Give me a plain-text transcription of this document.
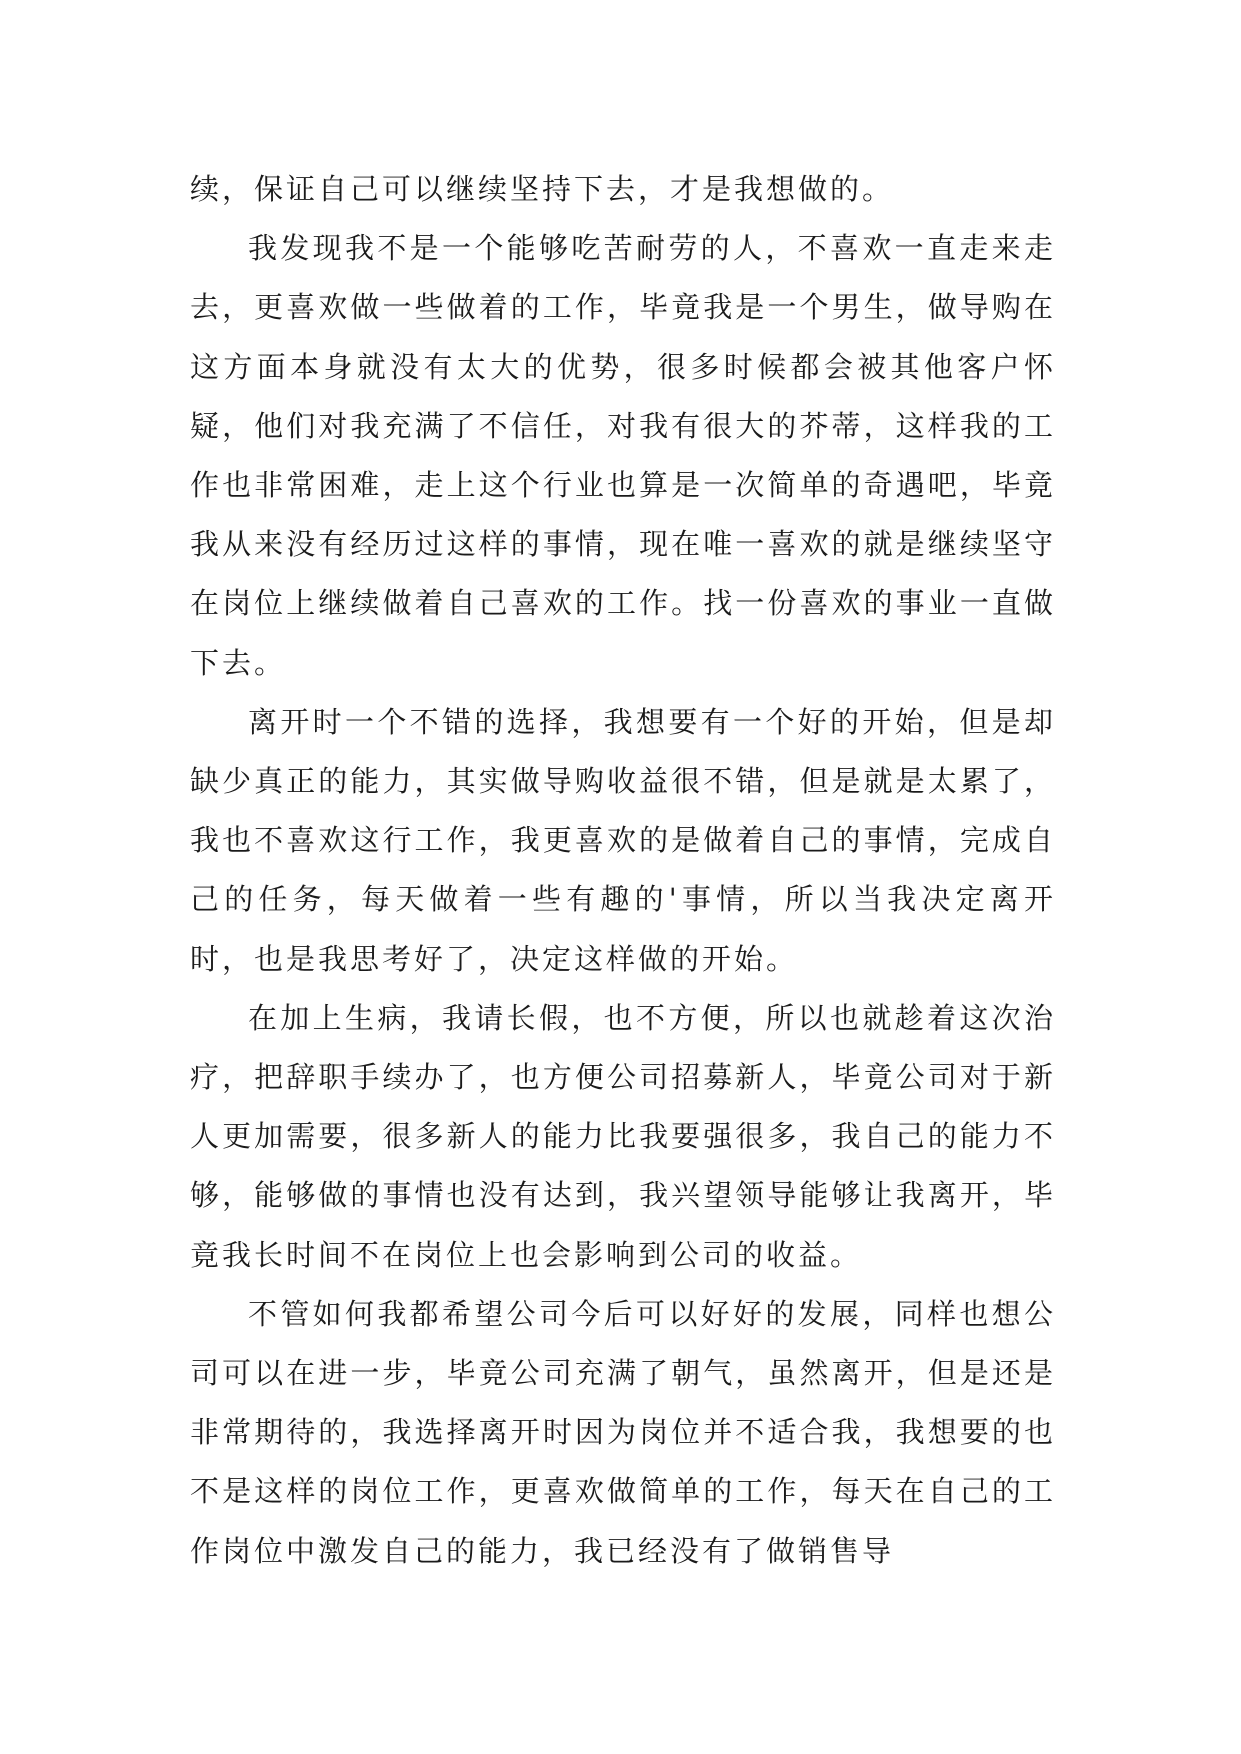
续，保证自己可以继续坚持下去，才是我想做的。

我发现我不是一个能够吃苦耐劳的人，不喜欢一直走来走去，更喜欢做一些做着的工作，毕竟我是一个男生，做导购在这方面本身就没有太大的优势，很多时候都会被其他客户怀疑，他们对我充满了不信任，对我有很大的芥蒂，这样我的工作也非常困难，走上这个行业也算是一次简单的奇遇吧，毕竟我从来没有经历过这样的事情，现在唯一喜欢的就是继续坚守在岗位上继续做着自己喜欢的工作。找一份喜欢的事业一直做下去。

离开时一个不错的选择，我想要有一个好的开始，但是却缺少真正的能力，其实做导购收益很不错，但是就是太累了，我也不喜欢这行工作，我更喜欢的是做着自己的事情，完成自己的任务，每天做着一些有趣的'事情，所以当我决定离开时，也是我思考好了，决定这样做的开始。

在加上生病，我请长假，也不方便，所以也就趁着这次治疗，把辞职手续办了，也方便公司招募新人，毕竟公司对于新人更加需要，很多新人的能力比我要强很多，我自己的能力不够，能够做的事情也没有达到，我兴望领导能够让我离开，毕竟我长时间不在岗位上也会影响到公司的收益。

不管如何我都希望公司今后可以好好的发展，同样也想公司可以在进一步，毕竟公司充满了朝气，虽然离开，但是还是非常期待的，我选择离开时因为岗位并不适合我，我想要的也不是这样的岗位工作，更喜欢做简单的工作，每天在自己的工作岗位中激发自己的能力，我已经没有了做销售导
